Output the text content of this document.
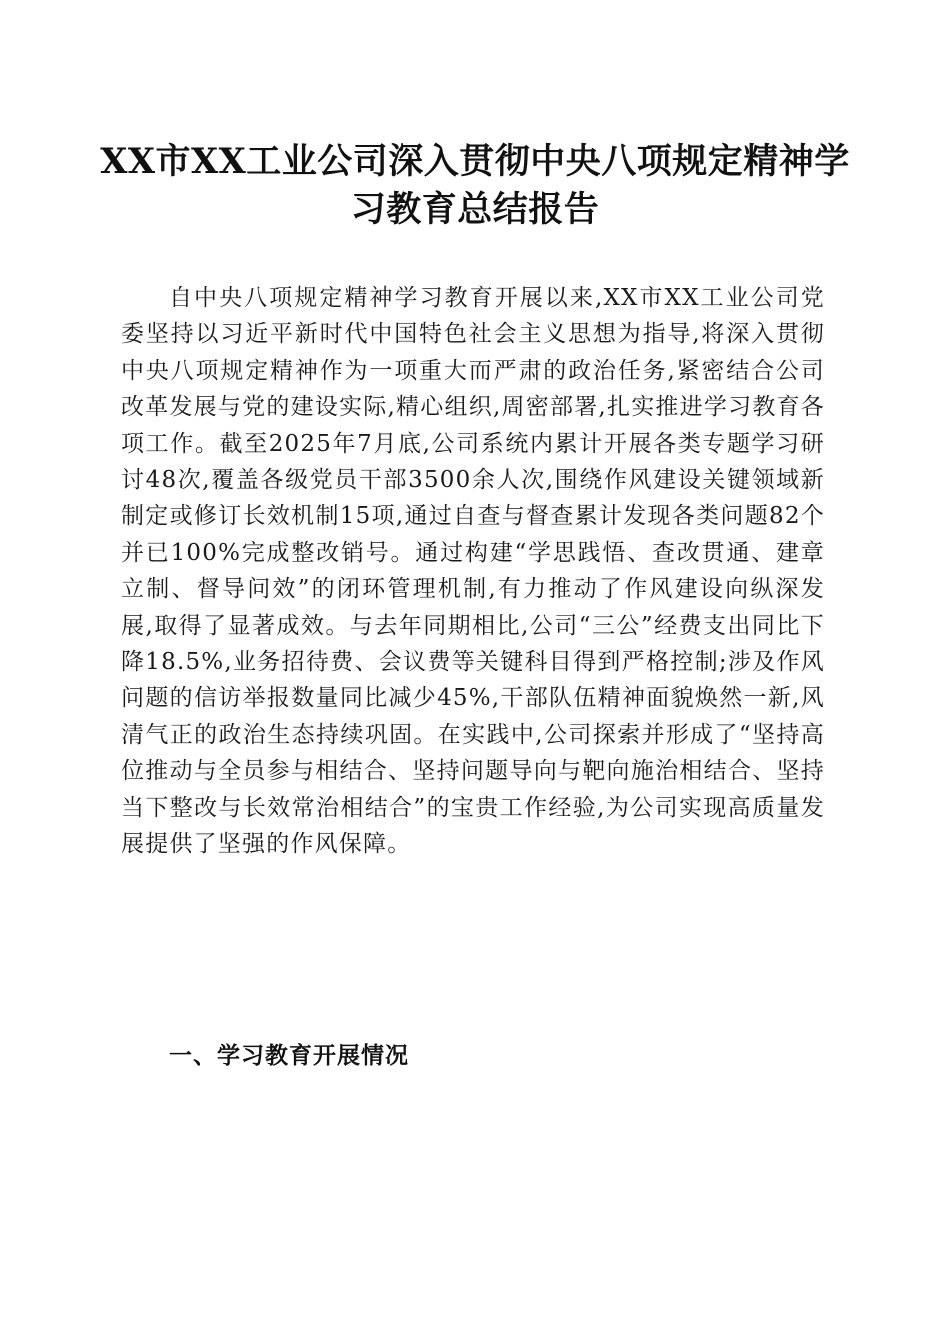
XX市XX工业公司深入贯彻中央八项规定精神学习教育总结报告

自中央八项规定精神学习教育开展以来,XX市XX工业公司党委坚持以习近平新时代中国特色社会主义思想为指导,将深入贯彻中央八项规定精神作为一项重大而严肃的政治任务,紧密结合公司改革发展与党的建设实际,精心组织,周密部署,扎实推进学习教育各项工作。截至2025年7月底,公司系统内累计开展各类专题学习研讨48次,覆盖各级党员干部3500余人次,围绕作风建设关键领域新制定或修订长效机制15项,通过自查与督查累计发现各类问题82个并已100%完成整改销号。通过构建“学思践悟、查改贯通、建章立制、督导问效”的闭环管理机制,有力推动了作风建设向纵深发展,取得了显著成效。与去年同期相比,公司“三公”经费支出同比下降18.5%,业务招待费、会议费等关键科目得到严格控制;涉及作风问题的信访举报数量同比减少45%,干部队伍精神面貌焕然一新,风清气正的政治生态持续巩固。在实践中,公司探索并形成了“坚持高位推动与全员参与相结合、坚持问题导向与靶向施治相结合、坚持当下整改与长效常治相结合”的宝贵工作经验,为公司实现高质量发展提供了坚强的作风保障。

一、学习教育开展情况
